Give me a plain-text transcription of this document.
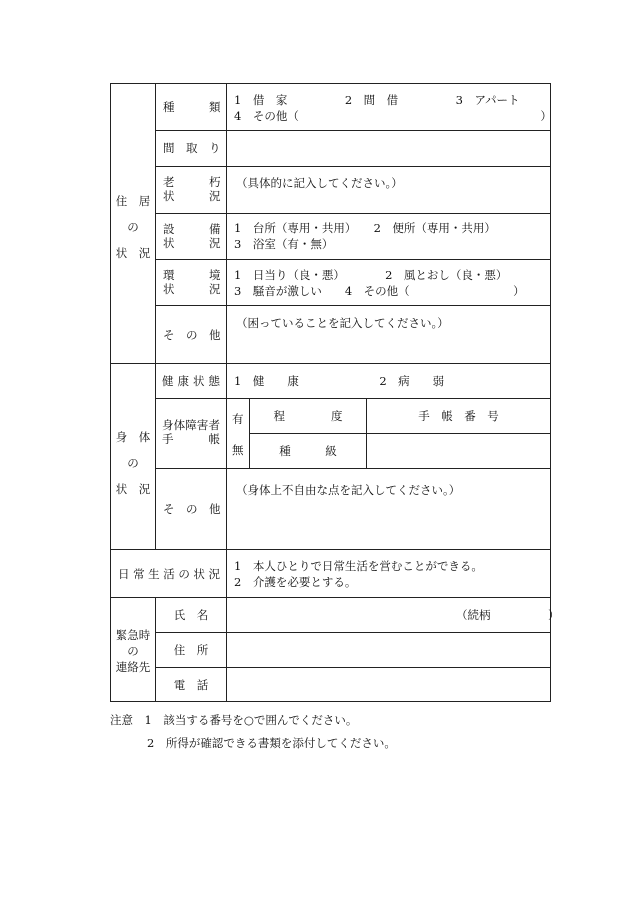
住　居
の
状　況
種　　　類 1　借　家　　　　　2　間　借　　　　　3　アパート
4　その他（　　　　　　　　　　　　　　　　　　　　　）
間　取　り
老　　　朽
状　　　況
（具体的に記入してください。）
設　　　備
状　　　況
1　台所（専用・共用）　　2　便所（専用・共用）
3　浴室（有・無）
環　　　境
状　　　況
1　日当り（良・悪）　　　　2　風とおし（良・悪）
3　騒音が激しい　　4　その他（　　　　　　　　　）
そ　の　他
（困っていることを記入してください。）
身　体
の
状　況
健康状態 1　健　　康　　　　　　　2　病　　弱
身体障害者
手　　　帳
有
無
程　　　　度	手　帳　番　号
種　　　級
そ　の　他
（身体上不自由な点を記入してください。）
日常生活の状況
1　本人ひとりで日常生活を営むことができる。
2　介護を必要とする。
緊急時
の
連絡先
氏　名	（続柄　　　　　）
住　所
電　話
注意　1　該当する番号を○で囲んでください。
2　所得が確認できる書類を添付してください。
